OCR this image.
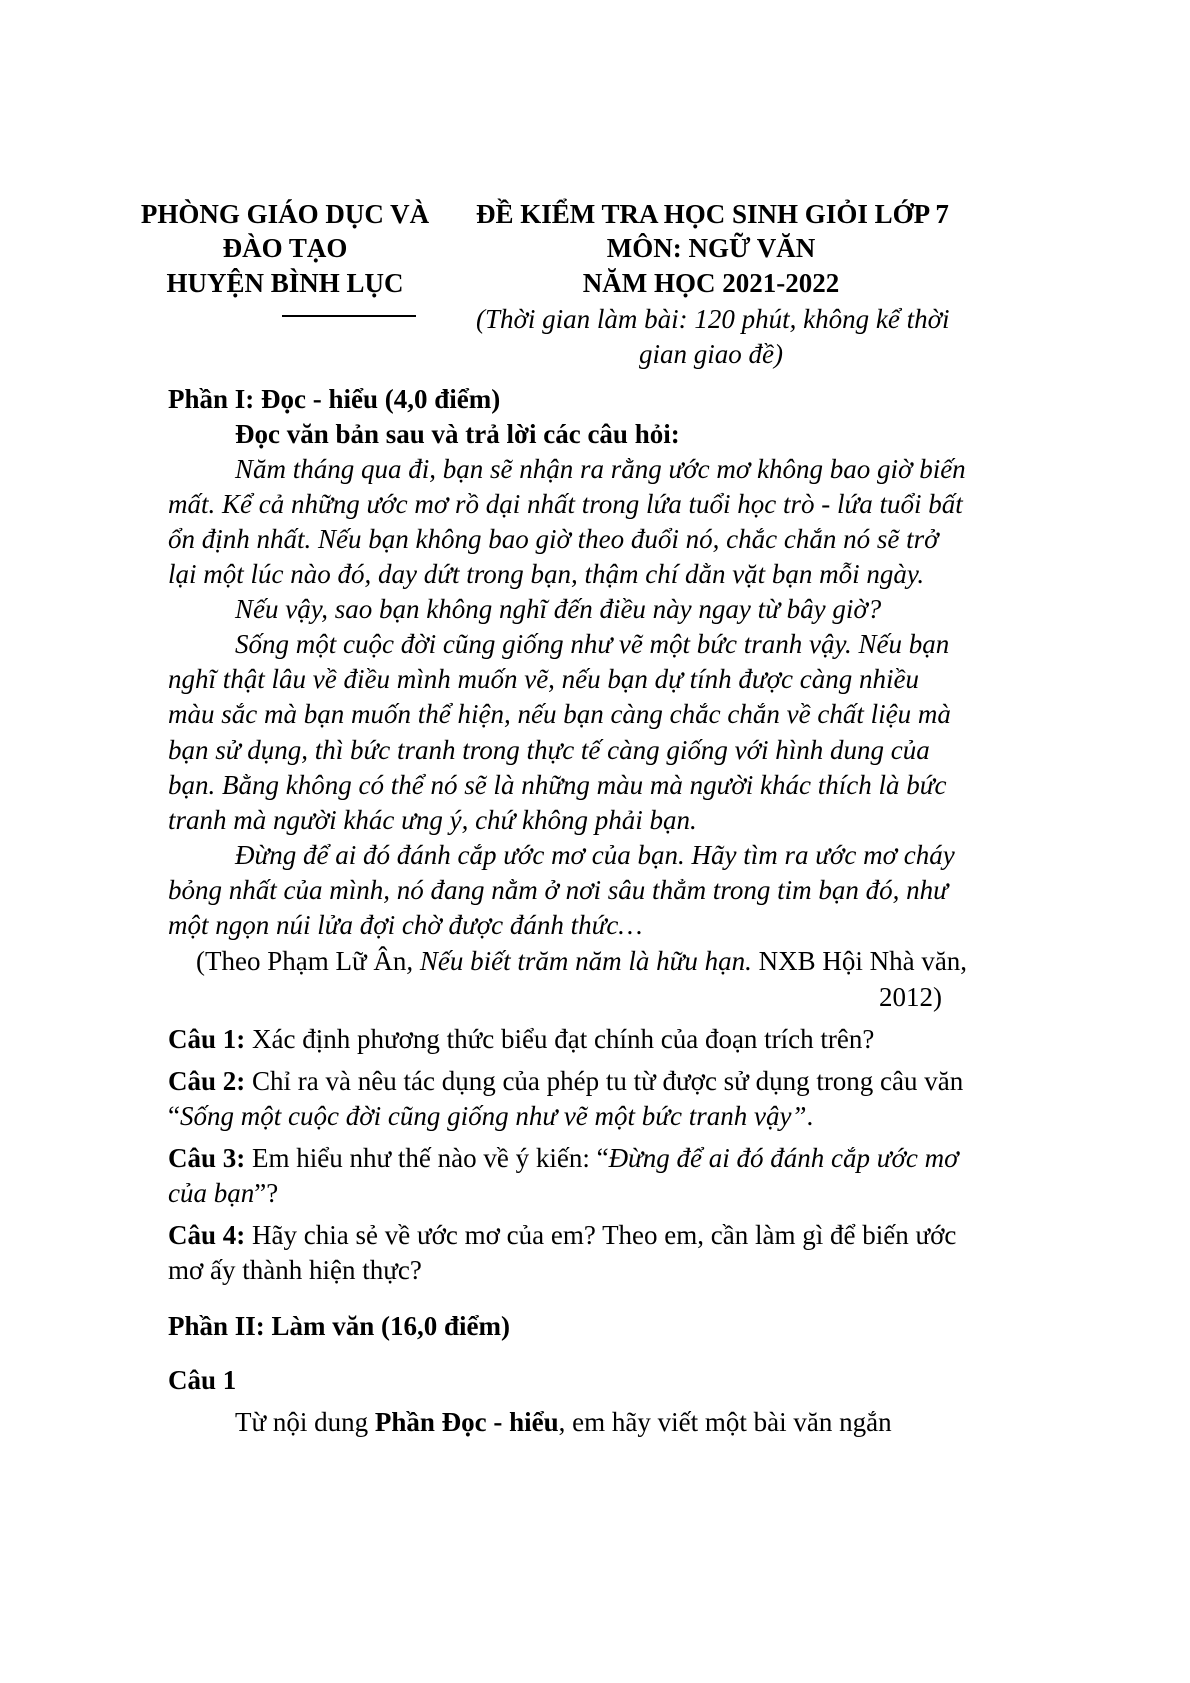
PHÒNG GIÁO DỤC VÀ
ĐÀO TẠO
HUYỆN BÌNH LỤC
ĐỀ KIỂM TRA HỌC SINH GIỎI LỚP 7
MÔN: NGỮ VĂN
NĂM HỌC 2021-2022
(Thời gian làm bài: 120 phút, không kể thời
gian giao đề)
Phần I: Đọc - hiểu (4,0 điểm)
Đọc văn bản sau và trả lời các câu hỏi:
Năm tháng qua đi, bạn sẽ nhận ra rằng ước mơ không bao giờ biến
mất. Kể cả những ước mơ rồ dại nhất trong lứa tuổi học trò - lứa tuổi bất
ổn định nhất. Nếu bạn không bao giờ theo đuổi nó, chắc chắn nó sẽ trở
lại một lúc nào đó, day dứt trong bạn, thậm chí dằn vặt bạn mỗi ngày.
Nếu vậy, sao bạn không nghĩ đến điều này ngay từ bây giờ?
Sống một cuộc đời cũng giống như vẽ một bức tranh vậy. Nếu bạn
nghĩ thật lâu về điều mình muốn vẽ, nếu bạn dự tính được càng nhiều
màu sắc mà bạn muốn thể hiện, nếu bạn càng chắc chắn về chất liệu mà
bạn sử dụng, thì bức tranh trong thực tế càng giống với hình dung của
bạn. Bằng không có thể nó sẽ là những màu mà người khác thích là bức
tranh mà người khác ưng ý, chứ không phải bạn.
Đừng để ai đó đánh cắp ước mơ của bạn. Hãy tìm ra ước mơ cháy
bỏng nhất của mình, nó đang nằm ở nơi sâu thẳm trong tim bạn đó, như
một ngọn núi lửa đợi chờ được đánh thức…
(Theo Phạm Lữ Ân, Nếu biết trăm năm là hữu hạn. NXB Hội Nhà văn,
2012)
Câu 1: Xác định phương thức biểu đạt chính của đoạn trích trên?
Câu 2: Chỉ ra và nêu tác dụng của phép tu từ được sử dụng trong câu văn
“Sống một cuộc đời cũng giống như vẽ một bức tranh vậy”.
Câu 3: Em hiểu như thế nào về ý kiến: “Đừng để ai đó đánh cắp ước mơ
của bạn”?
Câu 4: Hãy chia sẻ về ước mơ của em? Theo em, cần làm gì để biến ước
mơ ấy thành hiện thực?
Phần II: Làm văn (16,0 điểm)
Câu 1
Từ nội dung Phần Đọc - hiểu, em hãy viết một bài văn ngắn
